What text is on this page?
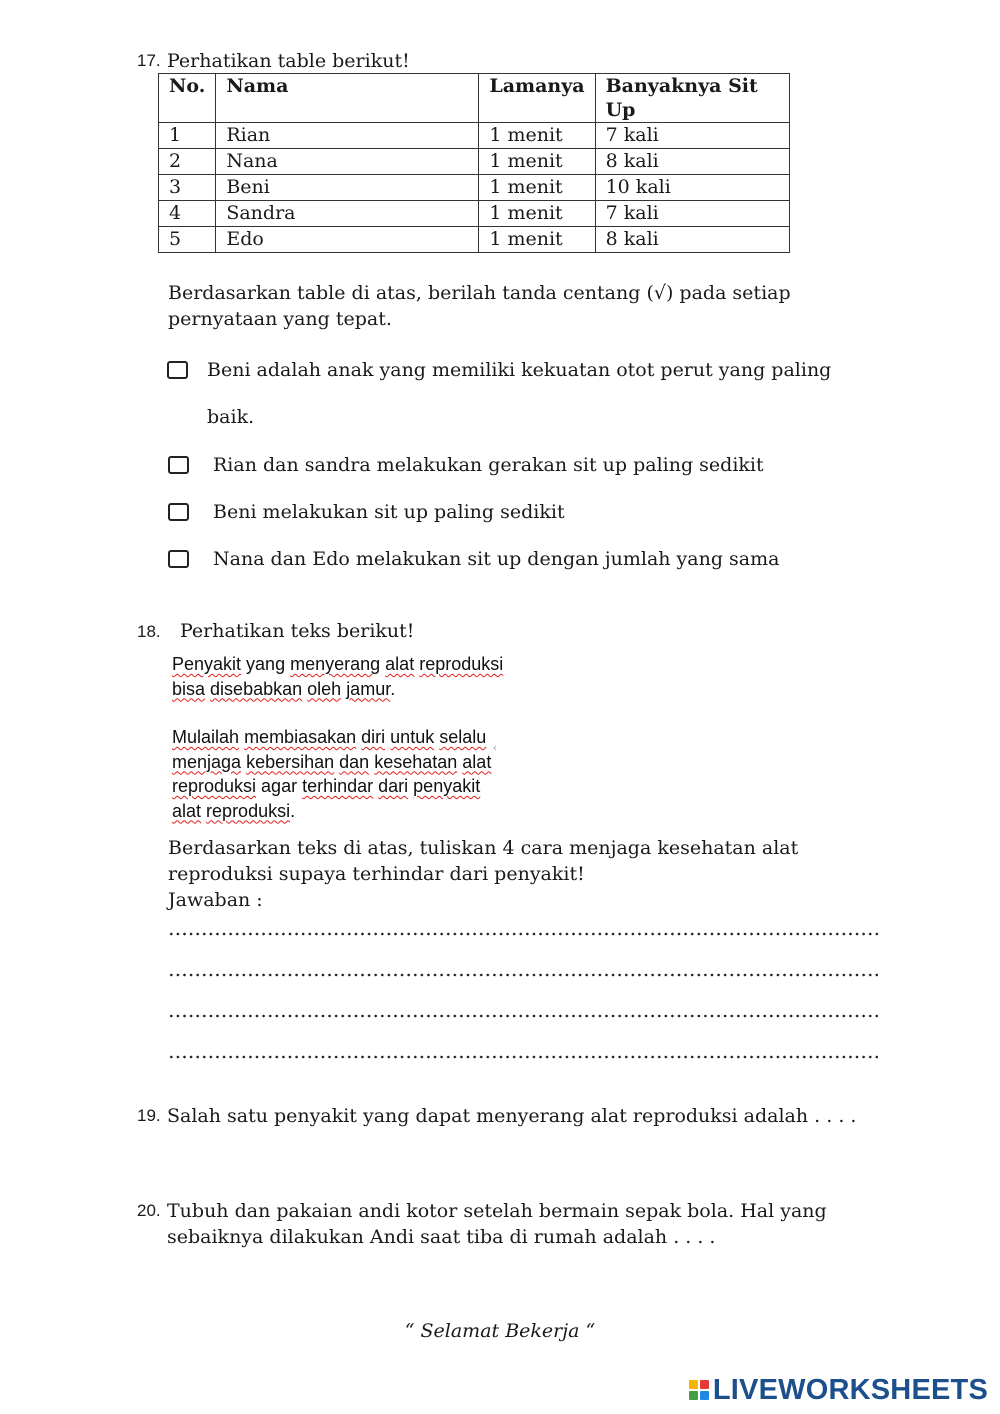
17. Perhatikan table berikut!
No.	Nama	Lamanya	Banyaknya Sit Up
1	Rian	1 menit	7 kali
2	Nana	1 menit	8 kali
3	Beni	1 menit	10 kali
4	Sandra	1 menit	7 kali
5	Edo	1 menit	8 kali
Berdasarkan table di atas, berilah tanda centang (√) pada setiap pernyataan yang tepat.
Beni adalah anak yang memiliki kekuatan otot perut yang paling
baik.
Rian dan sandra melakukan gerakan sit up paling sedikit
Beni melakukan sit up paling sedikit
Nana dan Edo melakukan sit up dengan jumlah yang sama
18. Perhatikan teks berikut!

Penyakit yang menyerang alat reproduksi bisa disebabkan oleh jamur.

Mulailah membiasakan diri untuk selalu menjaga kebersihan dan kesehatan alat reproduksi agar terhindar dari penyakit alat reproduksi.

‹
Berdasarkan teks di atas, tuliskan 4 cara menjaga kesehatan alat reproduksi supaya terhindar dari penyakit!
Jawaban :
19. Salah satu penyakit yang dapat menyerang alat reproduksi adalah . . . .
20. Tubuh dan pakaian andi kotor setelah bermain sepak bola. Hal yang sebaiknya dilakukan Andi saat tiba di rumah adalah . . . .
“ Selamat Bekerja “
LIVEWORKSHEETS
